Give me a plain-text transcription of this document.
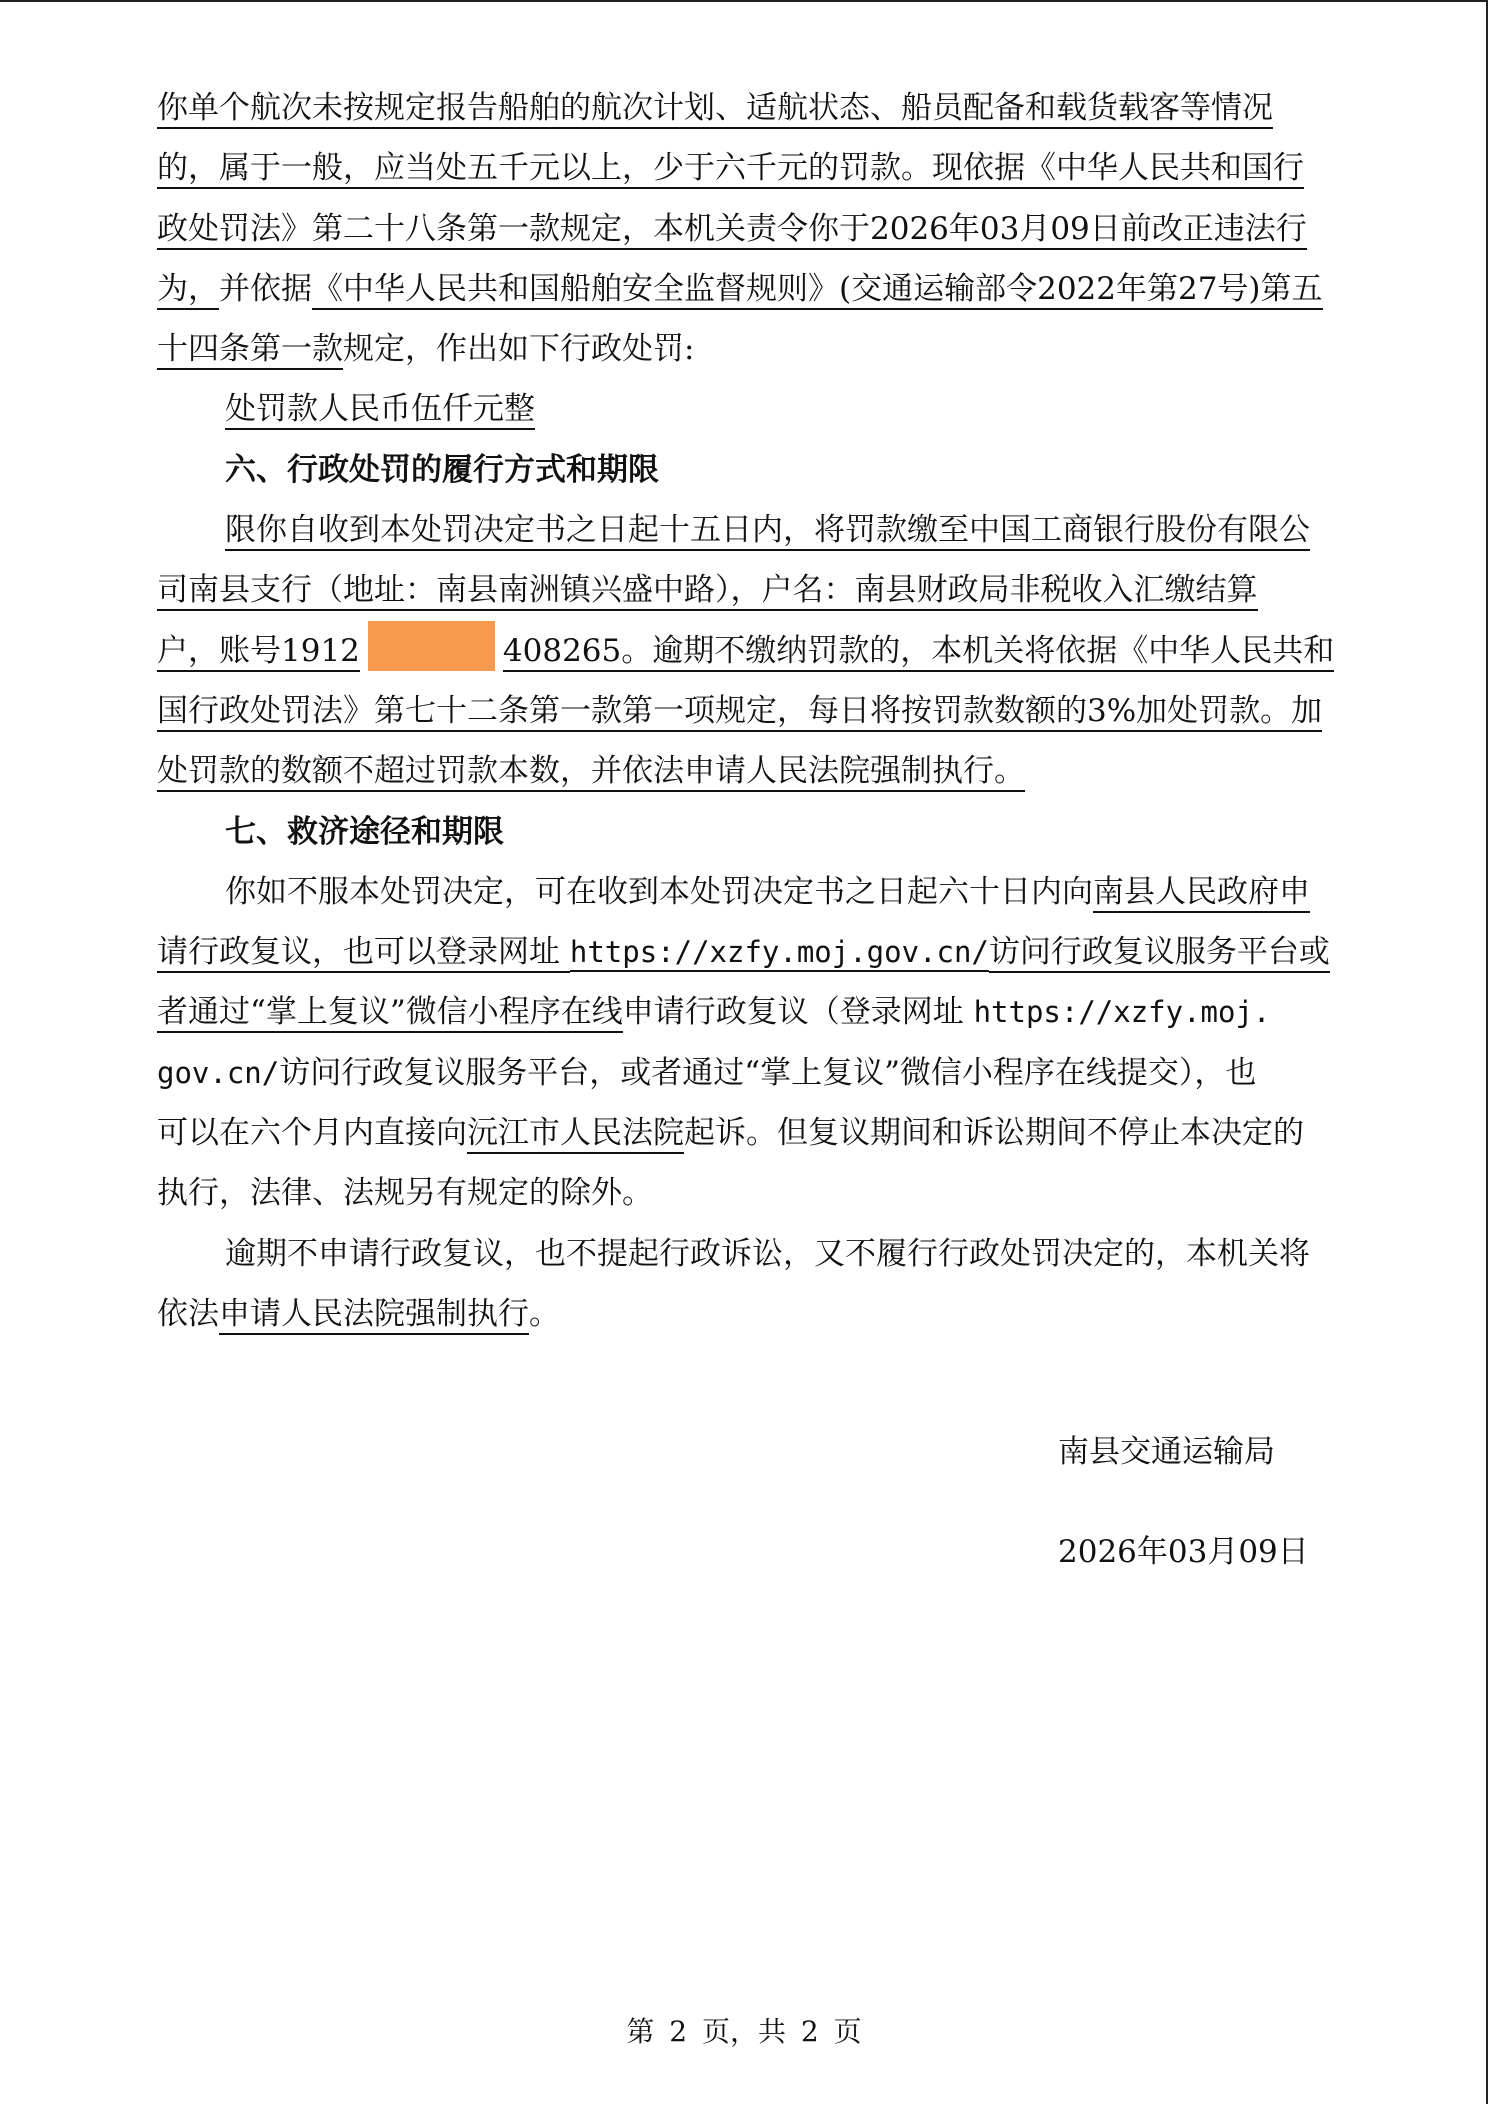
你单个航次未按规定报告船舶的航次计划、适航状态、船员配备和载货载客等情况
的，属于一般，应当处五千元以上，少于六千元的罚款。现依据《中华人民共和国行
政处罚法》第二十八条第一款规定，本机关责令你于2026年03月09日前改正违法行
为，并依据《中华人民共和国船舶安全监督规则》(交通运输部令2022年第27号)第五
十四条第一款规定，作出如下行政处罚:
处罚款人民币伍仟元整
六、行政处罚的履行方式和期限
限你自收到本处罚决定书之日起十五日内，将罚款缴至中国工商银行股份有限公
司南县支行（地址：南县南洲镇兴盛中路），户名：南县财政局非税收入汇缴结算
户，账号1912	408265。逾期不缴纳罚款的，本机关将依据《中华人民共和
国行政处罚法》第七十二条第一款第一项规定，每日将按罚款数额的3%加处罚款。加
处罚款的数额不超过罚款本数，并依法申请人民法院强制执行。
七、救济途径和期限
你如不服本处罚决定，可在收到本处罚决定书之日起六十日内向南县人民政府申
请行政复议，也可以登录网址 https://xzfy.moj.gov.cn/访问行政复议服务平台或
者通过“掌上复议”微信小程序在线申请行政复议（登录网址 https://xzfy.moj.
gov.cn/访问行政复议服务平台，或者通过“掌上复议”微信小程序在线提交），也
可以在六个月内直接向沅江市人民法院起诉。但复议期间和诉讼期间不停止本决定的
执行，法律、法规另有规定的除外。
逾期不申请行政复议，也不提起行政诉讼，又不履行行政处罚决定的，本机关将
依法申请人民法院强制执行。
南县交通运输局
2026年03月09日
第 2 页，共 2 页
